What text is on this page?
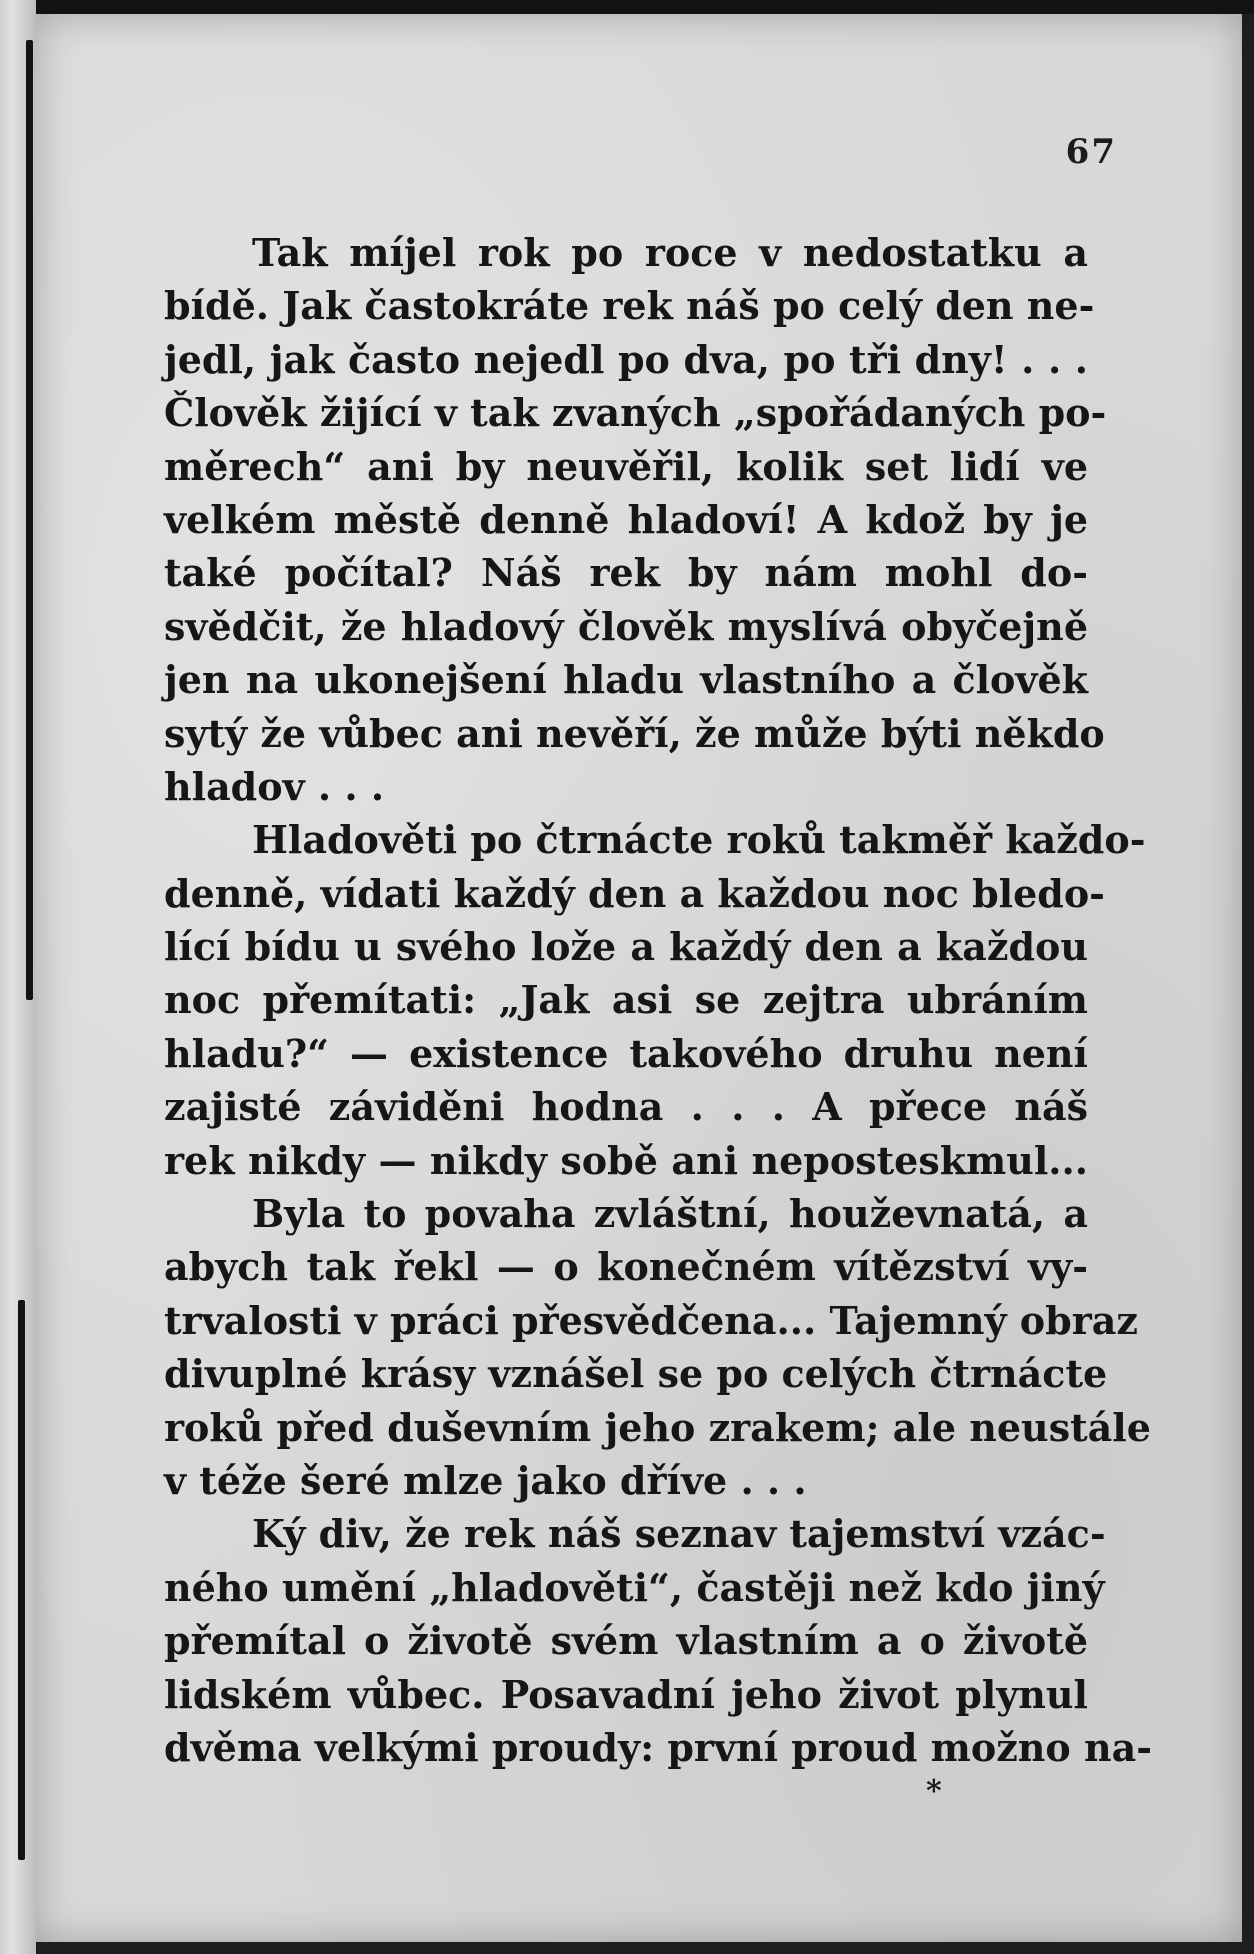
67
Tak míjel rok po roce v nedostatku a
bídě. Jak častokráte rek náš po celý den ne-
jedl, jak často nejedl po dva, po tři dny! . . .
Člověk žijící v tak zvaných „spořádaných po-
měrech“ ani by neuvěřil, kolik set lidí ve
velkém městě denně hladoví! A kdož by je
také počítal? Náš rek by nám mohl do-
svědčit, že hladový člověk myslívá obyčejně
jen na ukonejšení hladu vlastního a člověk
sytý že vůbec ani nevěří, že může býti někdo
hladov . . .
Hladověti po čtrnácte roků takměř každo-
denně, vídati každý den a každou noc bledo-
lící bídu u svého lože a každý den a každou
noc přemítati: „Jak asi se zejtra ubráním
hladu?“ — existence takového druhu není
zajisté záviděni hodna . . . A přece náš
rek nikdy — nikdy sobě ani neposteskmul...
Byla to povaha zvláštní, houževnatá, a
abych tak řekl — o konečném vítězství vy-
trvalosti v práci přesvědčena... Tajemný obraz
divuplné krásy vznášel se po celých čtrnácte
roků před duševním jeho zrakem; ale neustále
v téže šeré mlze jako dříve . . .
Ký div, že rek náš seznav tajemství vzác-
ného umění „hladověti“, častěji než kdo jiný
přemítal o životě svém vlastním a o životě
lidském vůbec. Posavadní jeho život plynul
dvěma velkými proudy: první proud možno na-
*
